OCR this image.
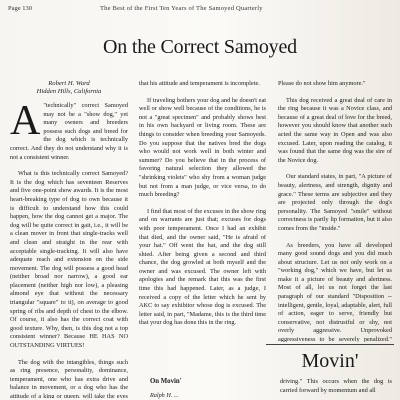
Page 130	The Best of the First Ten Years of The Samoyed Quarterly
On the Correct Samoyed
Robert H. Ward
Hidden Hills, California

A "technically" correct Samoyed may not be a "show dog," yet many owners and breeders possess such dogs and breed for the dog which is technically correct. And they do not understand why it is not a consistent winner.

What is this technically correct Samoyed? It is the dog which has seventeen Reserves and five one-point show awards. It is the most heart-breaking type of dog to own because it is difficult to understand how this could happen, how the dog cannot get a major. The dog will be quite correct in gait, i.e., it will be a clean mover in front that single-tracks well and clean and straight in the rear with acceptable single-tracking. It will also have adequate reach and extension on the side movement. The dog will possess a good head (neither broad nor narrow), a good ear placement (neither high nor low), a pleasing almond eye that without the necessary triangular "square" to it), on average to good spring of ribs and depth of chest to the elbow. Of course, it also has the correct coat with good texture. Why, then, is this dog not a top consistent winner? Because HE HAS NO OUTSTANDING VIRTUES!

The dog with the intangibles, things such as ring presence, personality, dominance, temperament, one who has extra drive and balance in movement, or a dog who has the attitude of a king or queen, will take the eyes

that his attitude and temperament is incomplete.

If traveling bothers your dog and he doesn't eat well or show well because of the conditions, he is not a "great specimen" and probably shows best in his own backyard or living room. These are things to consider when breeding your Samoyeds. Do you suppose that the natives bred the dogs who would not work well in both winter and summer? Do you believe that in the process of favoring natural selection they allowed the "shrinking violets" who shy from a woman judge but not from a man judge, or vice versa, to do much breeding?

I find that most of the excuses in the show ring and on warrants are just that; excuses for dogs with poor temperament. Once I had an exhibit that died, and the owner said, "He is afraid of your hat." Off went the hat, and the dog still shied. After being given a second and third chance, the dog growled at both myself and the owner and was excused. The owner left with apologies and the remark that this was the first time this had happened. Later, as a judge, I received a copy of the letter which he sent by AKC to say exhibitor whose dog is excused. The letter said, in part, "Madame, this is the third time that your dog has done this in the ring.

Please do not show him anymore."

This dog received a great deal of care in the ring because it was a Novice class, and because of a great deal of love for the breed, however you should know that another such acted the same way in Open and was also excused. Later, upon reading the catalog, it was found that the same dog was the sire of the Novice dog.

Our standard states, in part, "A picture of beauty, alertness, and strength, dignity and grace." These terms are subjective and they are projected only through the dog's personality. The Samoyed "smile" without correctness is partly lip formation, but it also comes from the "inside."

As breeders, you have all developed many good sound dogs and you did much about structure. Let us not only work on a "working dog," which we have, but let us make it a picture of beauty and alertness. Most of all, let us not forget the last paragraph of our standard "Disposition -- intelligent, gentle, loyal, adaptable, alert, full of action, eager to serve, friendly but conservative, not distrustful or shy, not overly aggressive. Unprovoked aggressiveness to be severely penalized."

Movin'
On Movin'
Ralph H. ...
driving." This occurs when the dog is carried forward by momentum and all
